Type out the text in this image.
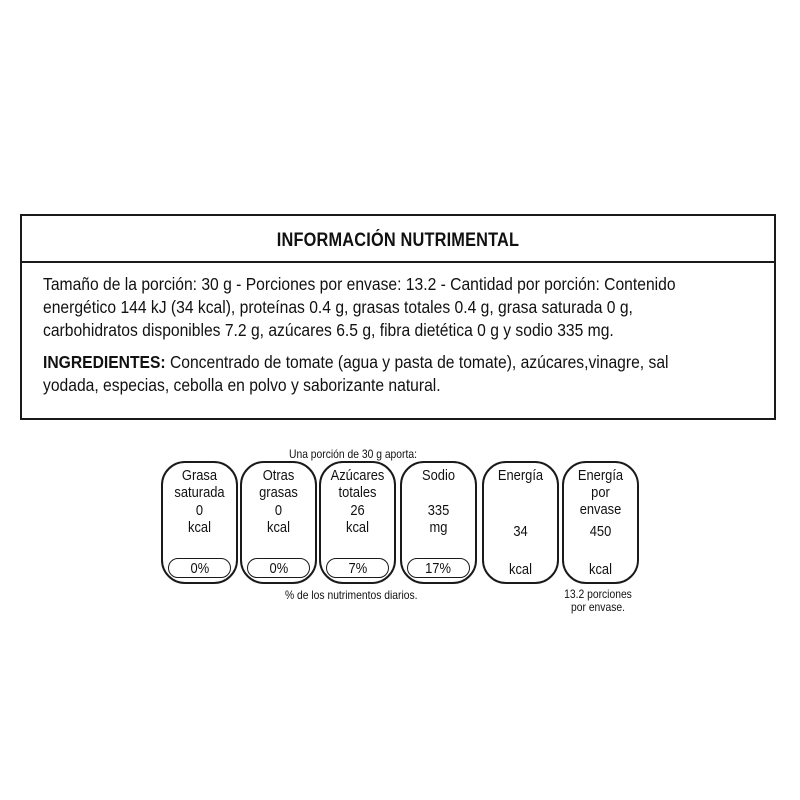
INFORMACIÓN NUTRIMENTAL

Tamaño de la porción: 30 g - Porciones por envase: 13.2 - Cantidad por porción: Contenido energético 144 kJ (34 kcal), proteínas 0.4 g, grasas totales 0.4 g, grasa saturada 0 g, carbohidratos disponibles 7.2 g, azúcares 6.5 g, fibra dietética 0 g y sodio 335 mg.

INGREDIENTES: Concentrado de tomate (agua y pasta de tomate), azúcares,vinagre, sal yodada, especias, cebolla en polvo y saborizante natural.

Una porción de 30 g aporta:
Grasa
saturada
0
kcal
0%
Otras
grasas
0
kcal
0%
Azúcares
totales
26
kcal
7%
Sodio
335
mg
17%
Energía
34
kcal
Energía
por envase
450
kcal
% de los nutrimentos diarios.	13.2 porciones
por envase.
